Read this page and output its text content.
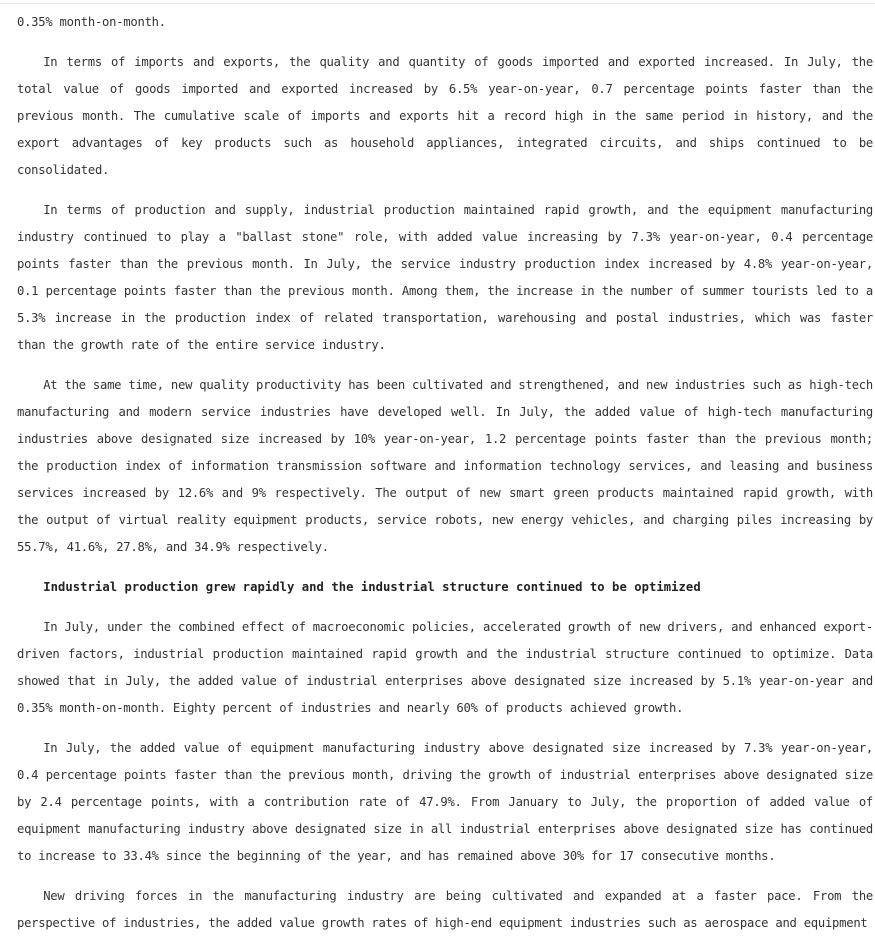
0.35% month-on-month.

In terms of imports and exports, the quality and quantity of goods imported and exported increased. In July, the total value of goods imported and exported increased by 6.5% year-on-year, 0.7 percentage points faster than the previous month. The cumulative scale of imports and exports hit a record high in the same period in history, and the export advantages of key products such as household appliances, integrated circuits, and ships continued to be consolidated.

In terms of production and supply, industrial production maintained rapid growth, and the equipment manufacturing industry continued to play a "ballast stone" role, with added value increasing by 7.3% year-on-year, 0.4 percentage points faster than the previous month. In July, the service industry production index increased by 4.8% year-on-year, 0.1 percentage points faster than the previous month. Among them, the increase in the number of summer tourists led to a 5.3% increase in the production index of related transportation, warehousing and postal industries, which was faster than the growth rate of the entire service industry.

At the same time, new quality productivity has been cultivated and strengthened, and new industries such as high-tech manufacturing and modern service industries have developed well. In July, the added value of high-tech manufacturing industries above designated size increased by 10% year-on-year, 1.2 percentage points faster than the previous month; the production index of information transmission software and information technology services, and leasing and business services increased by 12.6% and 9% respectively. The output of new smart green products maintained rapid growth, with the output of virtual reality equipment products, service robots, new energy vehicles, and charging piles increasing by 55.7%, 41.6%, 27.8%, and 34.9% respectively.

Industrial production grew rapidly and the industrial structure continued to be optimized

In July, under the combined effect of macroeconomic policies, accelerated growth of new drivers, and enhanced export-driven factors, industrial production maintained rapid growth and the industrial structure continued to optimize. Data showed that in July, the added value of industrial enterprises above designated size increased by 5.1% year-on-year and 0.35% month-on-month. Eighty percent of industries and nearly 60% of products achieved growth.

In July, the added value of equipment manufacturing industry above designated size increased by 7.3% year-on-year, 0.4 percentage points faster than the previous month, driving the growth of industrial enterprises above designated size by 2.4 percentage points, with a contribution rate of 47.9%. From January to July, the proportion of added value of equipment manufacturing industry above designated size in all industrial enterprises above designated size has continued to increase to 33.4% since the beginning of the year, and has remained above 30% for 17 consecutive months.

New driving forces in the manufacturing industry are being cultivated and expanded at a faster pace. From the perspective of industries, the added value growth rates of high-end equipment industries such as aerospace and equipment
